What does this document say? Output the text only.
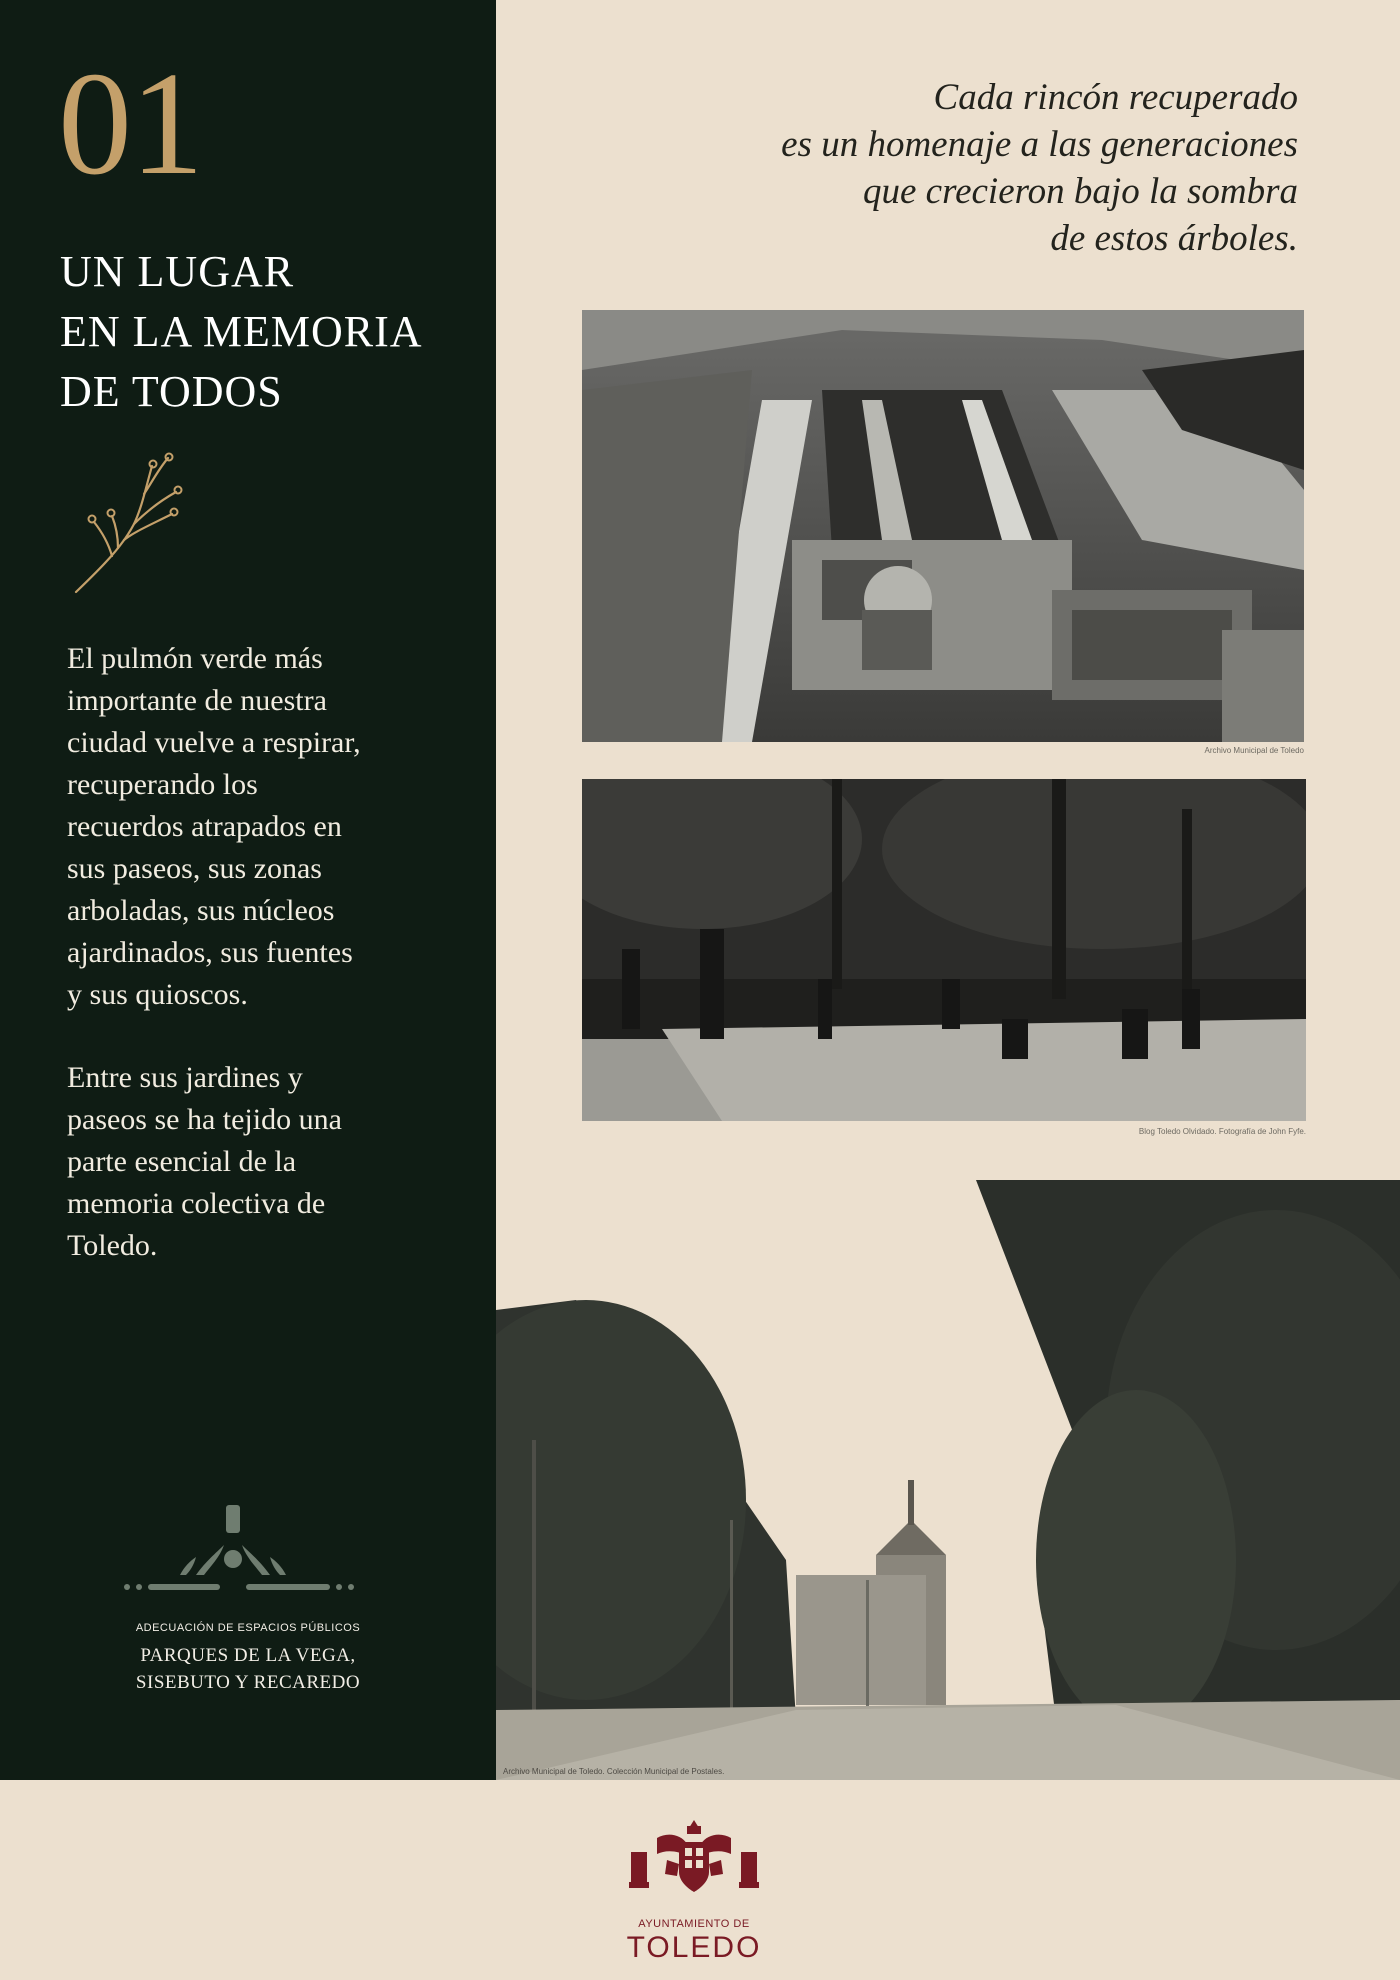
01
UN LUGAR
EN LA MEMORIA
DE TODOS
El pulmón verde más
importante de nuestra
ciudad vuelve a respirar,
recuperando los
recuerdos atrapados en
sus paseos, sus zonas
arboladas, sus núcleos
ajardinados, sus fuentes
y sus quioscos.
Entre sus jardines y
paseos se ha tejido una
parte esencial de la
memoria colectiva de
Toledo.
ADECUACIÓN DE ESPACIOS PÚBLICOS
PARQUES DE LA VEGA,
SISEBUTO Y RECAREDO
Cada rincón recuperado
es un homenaje a las generaciones
que crecieron bajo la sombra
de estos árboles.
Archivo Municipal de Toledo
Blog Toledo Olvidado. Fotografía de John Fyfe.
Archivo Municipal de Toledo. Colección Municipal de Postales.
AYUNTAMIENTO DE
TOLEDO
